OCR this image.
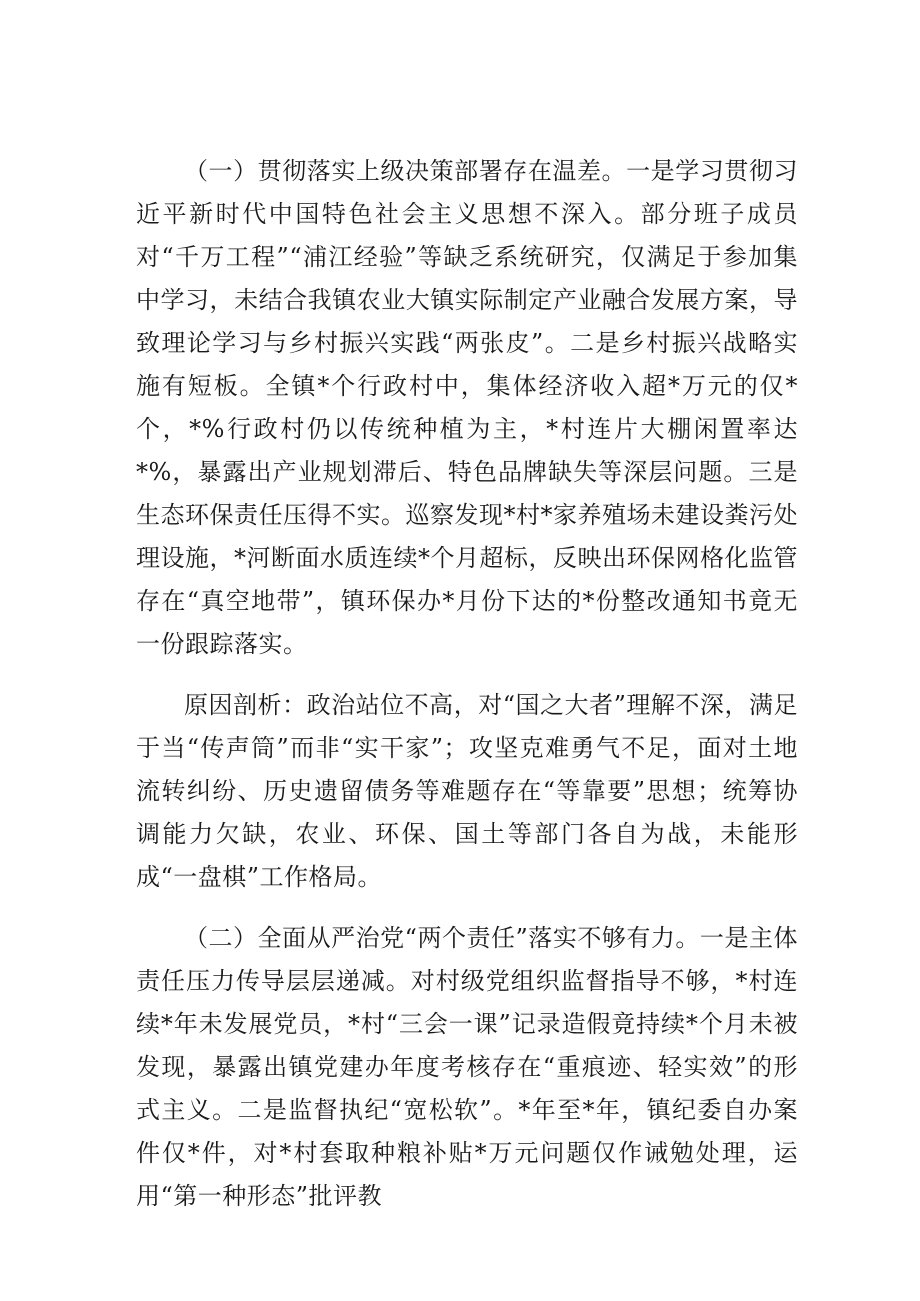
（一）贯彻落实上级决策部署存在温差。一是学习贯彻习近平新时代中国特色社会主义思想不深入。部分班子成员对“千万工程”“浦江经验”等缺乏系统研究，仅满足于参加集中学习，未结合我镇农业大镇实际制定产业融合发展方案，导致理论学习与乡村振兴实践“两张皮”。二是乡村振兴战略实施有短板。全镇*个行政村中，集体经济收入超*万元的仅*个，*%行政村仍以传统种植为主，*村连片大棚闲置率达*%，暴露出产业规划滞后、特色品牌缺失等深层问题。三是生态环保责任压得不实。巡察发现*村*家养殖场未建设粪污处理设施，*河断面水质连续*个月超标，反映出环保网格化监管存在“真空地带”，镇环保办*月份下达的*份整改通知书竟无一份跟踪落实。

原因剖析：政治站位不高，对“国之大者”理解不深，满足于当“传声筒”而非“实干家”；攻坚克难勇气不足，面对土地流转纠纷、历史遗留债务等难题存在“等靠要”思想；统筹协调能力欠缺，农业、环保、国土等部门各自为战，未能形成“一盘棋”工作格局。

（二）全面从严治党“两个责任”落实不够有力。一是主体责任压力传导层层递减。对村级党组织监督指导不够，*村连续*年未发展党员，*村“三会一课”记录造假竟持续*个月未被发现，暴露出镇党建办年度考核存在“重痕迹、轻实效”的形式主义。二是监督执纪“宽松软”。*年至*年，镇纪委自办案件仅*件，对*村套取种粮补贴*万元问题仅作诫勉处理，运用“第一种形态”批评教
